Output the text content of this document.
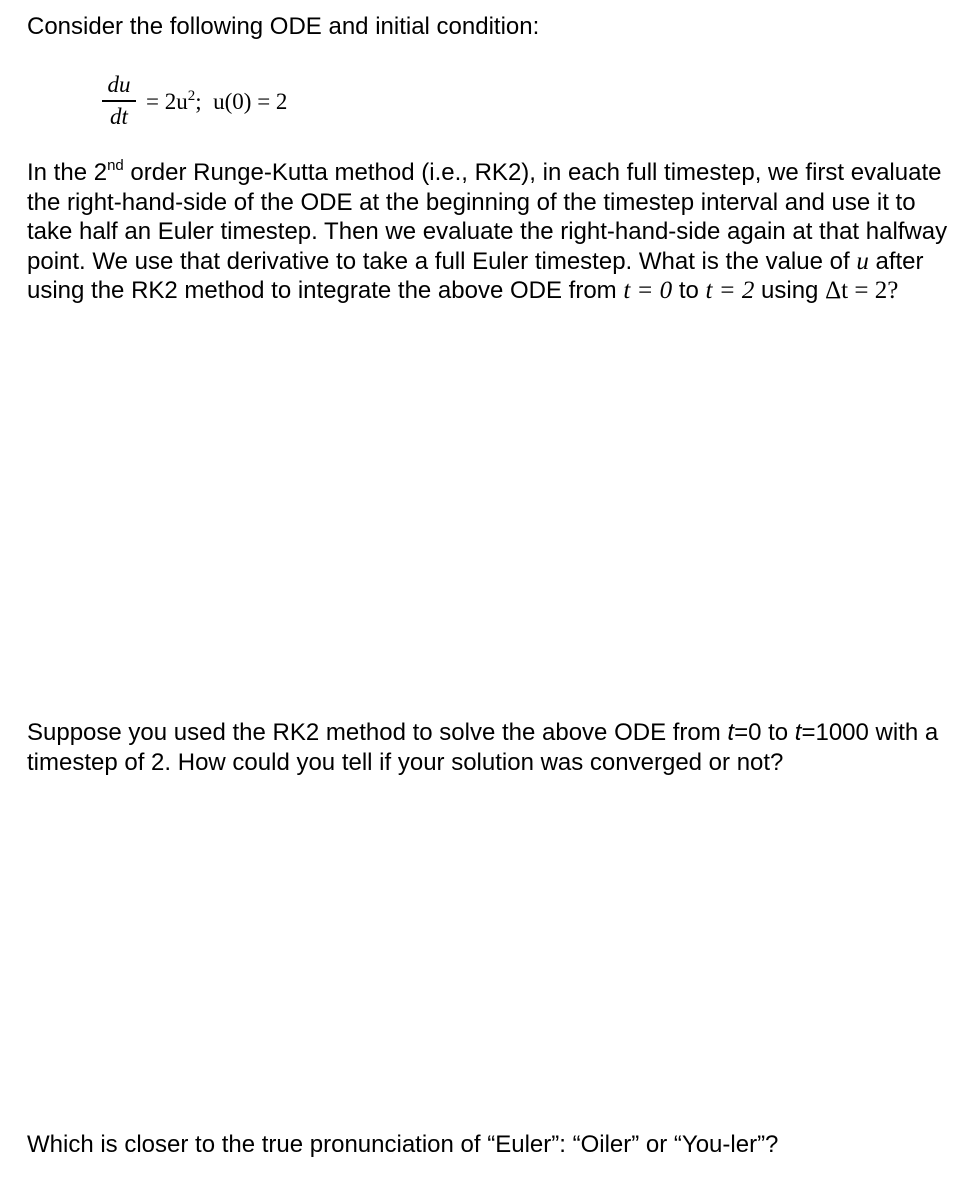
Consider the following ODE and initial condition:

$\frac{du}{dt} = 2u^2$;  u(0) = 2

In the 2nd order Runge-Kutta method (i.e., RK2), in each full timestep, we first evaluate the right-hand-side of the ODE at the beginning of the timestep interval and use it to take half an Euler timestep. Then we evaluate the right-hand-side again at that halfway point. We use that derivative to take a full Euler timestep. What is the value of u after using the RK2 method to integrate the above ODE from t = 0 to t = 2 using Δt = 2?

Suppose you used the RK2 method to solve the above ODE from t=0 to t=1000 with a timestep of 2. How could you tell if your solution was converged or not?

Which is closer to the true pronunciation of “Euler”: “Oiler” or “You-ler”?
